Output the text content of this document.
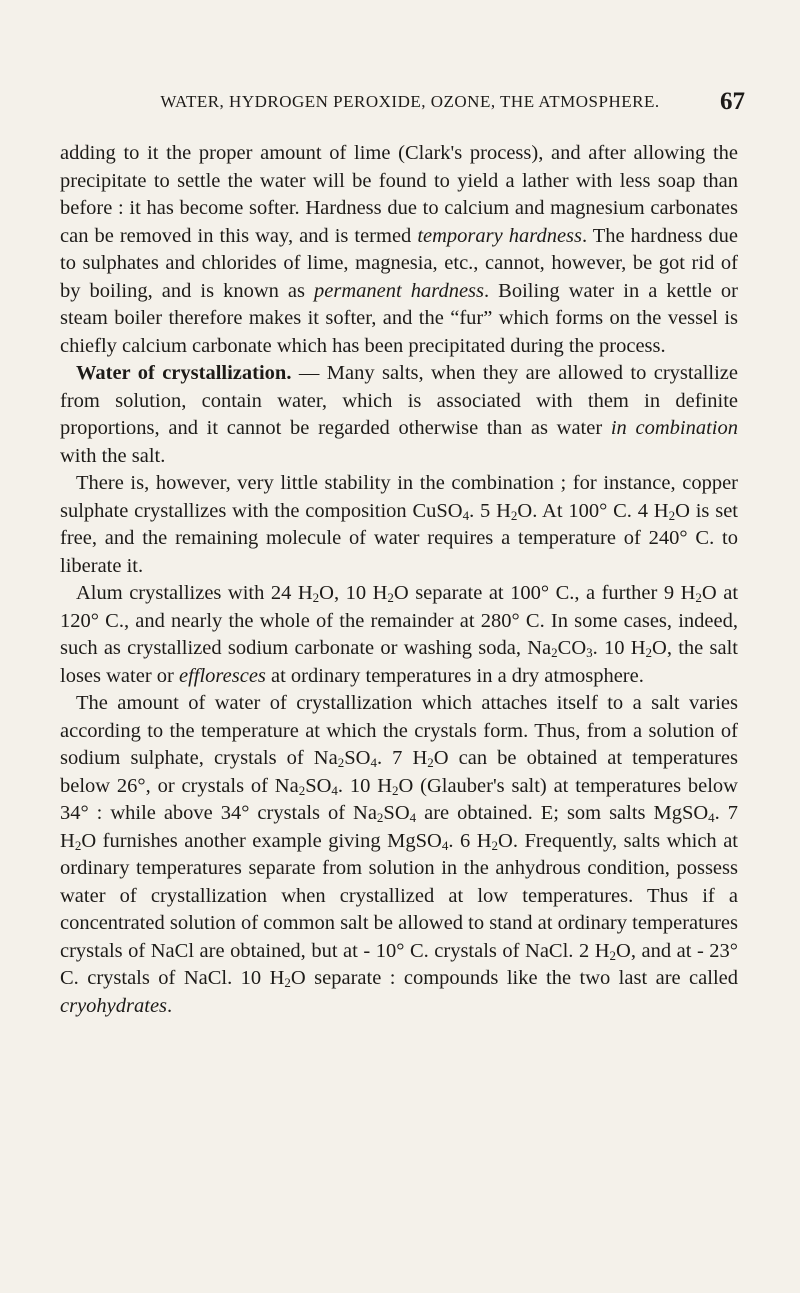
WATER, HYDROGEN PEROXIDE, OZONE, THE ATMOSPHERE.	67

adding to it the proper amount of lime (Clark's process), and after allowing the precipitate to settle the water will be found to yield a lather with less soap than before : it has become softer. Hardness due to calcium and magnesium carbonates can be removed in this way, and is termed temporary hardness. The hardness due to sulphates and chlorides of lime, magnesia, etc., cannot, however, be got rid of by boiling, and is known as permanent hardness. Boiling water in a kettle or steam boiler therefore makes it softer, and the “fur” which forms on the vessel is chiefly calcium carbonate which has been precipitated during the process.

Water of crystallization. — Many salts, when they are allowed to crystallize from solution, contain water, which is associated with them in definite proportions, and it cannot be regarded otherwise than as water in combination with the salt.

There is, however, very little stability in the combination ; for instance, copper sulphate crystallizes with the composition CuSO$_4$. 5 $H_2O$. At 100° C. 4 $H_2O$ is set free, and the remaining molecule of water requires a temperature of 240° C. to liberate it.

Alum crystallizes with 24 $H_2O$, 10 $H_2O$ separate at 100° C., a further 9 $H_2O$ at 120° C., and nearly the whole of the remainder at 280° C. In some cases, indeed, such as crystallized sodium carbonate or washing soda, $Na_2CO_3$. 10 $H_2O$, the salt loses water or effloresces at ordinary temperatures in a dry atmosphere.

The amount of water of crystallization which attaches itself to a salt varies according to the temperature at which the crystals form. Thus, from a solution of sodium sulphate, crystals of $Na_2SO_4$. 7 $H_2O$ can be obtained at temperatures below 26°, or crystals of $Na_2SO_4$. 10 $H_2O$ (Glauber's salt) at temperatures below 34° : while above 34° crystals of $Na_2SO_4$ are obtained. E; som salts MgSO$_4$. 7 $H_2O$ furnishes another example giving MgSO$_4$. 6 $H_2O$. Frequently, salts which at ordinary temperatures separate from solution in the anhydrous condition, possess water of crystallization when crystallized at low temperatures. Thus if a concentrated solution of common salt be allowed to stand at ordinary temperatures crystals of NaCl are obtained, but at - 10° C. crystals of NaCl. 2 $H_2O$, and at - 23° C. crystals of NaCl. 10 $H_2O$ separate : compounds like the two last are called cryohydrates.
